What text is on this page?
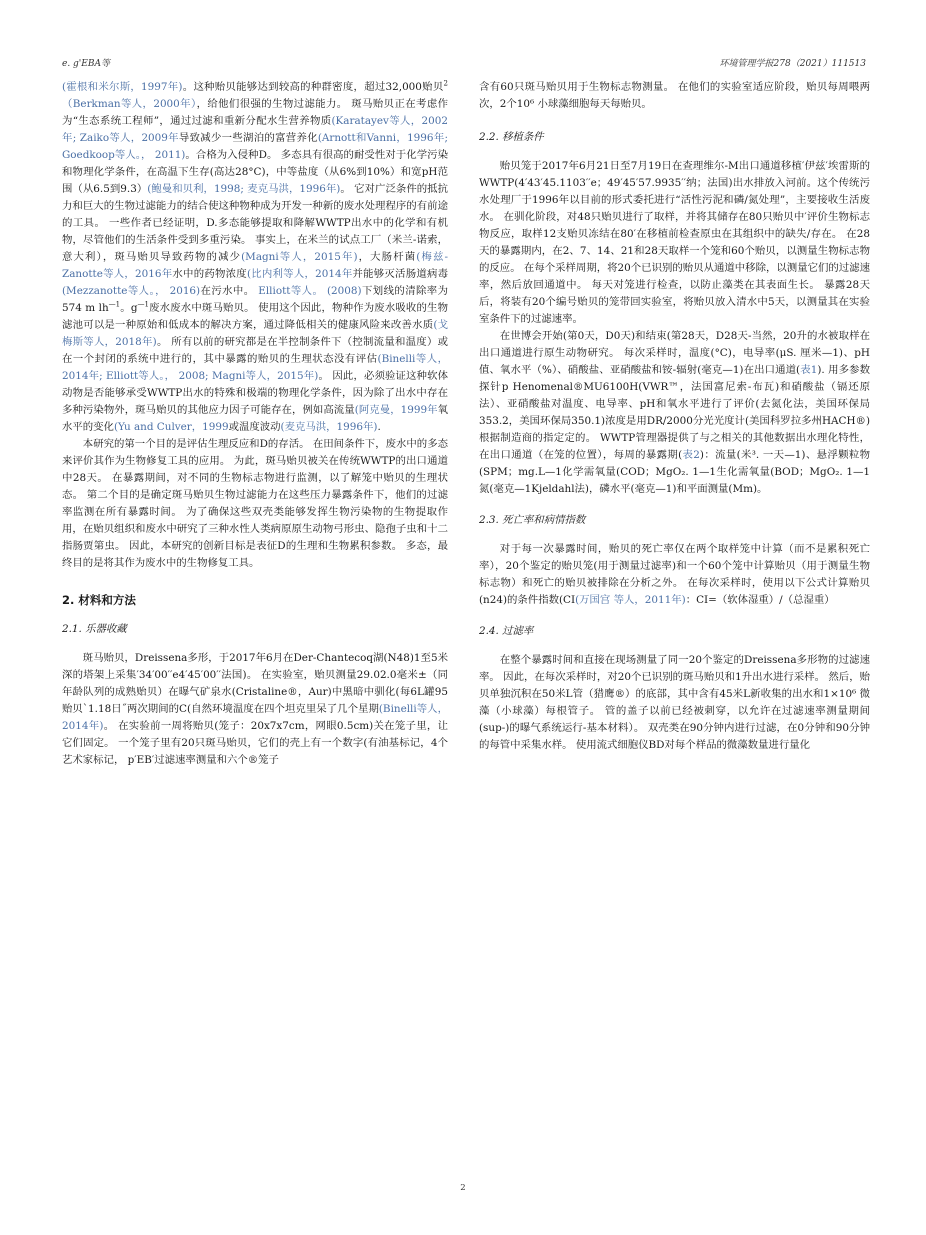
e. g'EBA等	环境管理学报278（2021）111513

(霍根和米尔斯，1997年)。这种贻贝能够达到较高的种群密度，超过32,000贻贝$^2$（Berkman等人，2000年），给他们很强的生物过滤能力。 斑马贻贝正在考虑作为“生态系统工程师”，通过过滤和重新分配水生营养物质(Karatayev等人，2002年; Zaiko等人，2009年导致减少一些湖泊的富营养化(Arnott和Vanni，1996年; Goedkoop等人。， 2011)。合格为入侵种D。 多态具有很高的耐受性对于化学污染和物理化学条件，在高温下生存(高达28°C)，中等盐度（从6%到10%）和宽pH范围（从6.5到9.3）(鲍曼和贝利，1998; 麦克马洪，1996年)。 它对广泛条件的抵抗力和巨大的生物过滤能力的结合使这种物种成为开发一种新的废水处理程序的有前途的工具。 一些作者已经证明，D.多态能够提取和降解WWTP出水中的化学和有机物，尽管他们的生活条件受到多重污染。 事实上，在米兰的试点工厂（米兰-诺索，意大利），斑马贻贝导致药物的减少(Magni等人，2015年)，大肠杆菌(梅兹-Zanotte等人，2016年水中的药物浓度(比内利等人，2014年并能够灭活肠道病毒(Mezzanotte等人。， 2016)在污水中。 Elliott等人。 (2008)下划线的清除率为574 m $lh^{—1}$。$g^{—1}$废水废水中斑马贻贝。 使用这个因此，物种作为废水吸收的生物滤池可以是一种原始和低成本的解决方案，通过降低相关的健康风险来改善水质(戈梅斯等人，2018年)。 所有以前的研究都是在半控制条件下（控制流量和温度）或在一个封闭的系统中进行的，其中暴露的贻贝的生理状态没有评估(Binelli等人，2014年; Elliott等人。， 2008; Magni等人，2015年)。 因此，必须验证这种软体动物是否能够承受WWTP出水的特殊和极端的物理化学条件，因为除了出水中存在多种污染物外，斑马贻贝的其他应力因子可能存在，例如高流量(阿克曼，1999年氧水平的变化(Yu and Culver，1999或温度波动(麦克马洪，1996年).

本研究的第一个目的是评估生理反应和D的存活。 在田间条件下，废水中的多态来评价其作为生物修复工具的应用。 为此，斑马贻贝被关在传统WWTP的出口通道中28天。 在暴露期间，对不同的生物标志物进行监测，以了解笼中贻贝的生理状态。 第二个目的是确定斑马贻贝生物过滤能力在这些压力暴露条件下，他们的过滤率监测在所有暴露时间。 为了确保这些双壳类能够发挥生物污染物的生物提取作用，在贻贝组织和废水中研究了三种水性人类病原原生动物弓形虫、隐孢子虫和十二指肠贾第虫。 因此，本研究的创新目标是表征D的生理和生物累积参数。 多态，最终目的是将其作为废水中的生物修复工具。

2. 材料和方法
2.1. 乐器收藏

斑马贻贝，Dreissena多形，于2017年6月在Der-Chantecoq湖(N48)1至5米深的塔架上采集′34′00′′e4′45′00′′法国)。 在实验室，贻贝测量29.02.0毫米±（同年龄队列的成熟贻贝）在曝气矿泉水(Cristaline®，Aur)中黑暗中驯化(每6L罐95贻贝`1.18日˝两次期间的C(自然环境温度在四个坦克里呆了几个星期(Binelli等人，2014年)。 在实验前一周将贻贝(笼子：20x7x7cm，网眼0.5cm)关在笼子里，让它们固定。 一个笼子里有20只斑马贻贝，它们的壳上有一个数字(有油基标记，4个艺术家标记， p′EB′过滤速率测量和六个®笼子

含有60只斑马贻贝用于生物标志物测量。 在他们的实验室适应阶段，贻贝每周喂两次，2个10⁶ 小球藻细胞每天每贻贝。

2.2. 移植条件

贻贝笼于2017年6月21日至7月19日在查理维尔-M出口通道移植′伊兹′埃雷斯的WWTP(4′43′45.1103′′e；49′45′57.9935′′纳；法国)出水排放入河前。这个传统污水处理厂于1996年以目前的形式委托进行“活性污泥和磷/氮处理”，主要接收生活废水。 在驯化阶段，对48只贻贝进行了取样，并将其储存在80只贻贝中′评价生物标志物反应，取样12支贻贝冻结在80′在移植前检查原虫在其组织中的缺失/存在。 在28天的暴露期内，在2、7、14、21和28天取样一个笼和60个贻贝，以测量生物标志物的反应。 在每个采样周期，将20个已识别的贻贝从通道中移除，以测量它们的过滤速率，然后放回通道中。 每天对笼进行检查，以防止藻类在其表面生长。 暴露28天后，将装有20个编号贻贝的笼带回实验室，将贻贝放入清水中5天，以测量其在实验室条件下的过滤速率。

在世博会开始(第0天，D0天)和结束(第28天，D28天-当然，20升的水被取样在出口通道进行原生动物研究。 每次采样时，温度(°C)，电导率(μS. 厘米—1)、pH值、氧水平（%）、硝酸盐、亚硝酸盐和铵-辐射(毫克—1)在出口通道(表1). 用多参数探针p Henomenal®MU6100H(VWR™，法国富尼索-布瓦)和硝酸盐（镉还原法）、亚硝酸盐对温度、电导率、pH和氧水平进行了评价(去氮化法，美国环保局353.2，美国环保局350.1)浓度是用DR/2000分光光度计(美国科罗拉多州HACH®)根据制造商的指定定的。 WWTP管理器提供了与之相关的其他数据出水理化特性，在出口通道（在笼的位置），每周的暴露期(表2)：流量(米³. 一天—1)、悬浮颗粒物(SPM；mg.L—1化学需氧量(COD；MgO₂. 1—1生化需氧量(BOD；MgO₂. 1—1氮(毫克—1Kjeldahl法)，磷水平(毫克—1)和平面测量(Mm)。

2.3. 死亡率和病情指数

对于每一次暴露时间，贻贝的死亡率仅在两个取样笼中计算（而不是累积死亡率），20个鉴定的贻贝笼(用于测量过滤率)和一个60个笼中计算贻贝（用于测量生物标志物）和死亡的贻贝被排除在分析之外。 在每次采样时，使用以下公式计算贻贝(n24)的条件指数(CI(万国宫 等人，2011年)：CI=（软体湿重）/（总湿重）

2.4. 过滤率

在整个暴露时间和直接在现场测量了同一20个鉴定的Dreissena多形物的过滤速率。 因此，在每次采样时，对20个已识别的斑马贻贝和1升出水进行采样。 然后，贻贝单独沉积在50米L管（猎鹰®）的底部，其中含有45米L新收集的出水和1×10⁶ 微藻（小球藻）每根管子。 管的盖子以前已经被刺穿，以允许在过滤速率测量期间(sup-)的曝气系统运行-基本材料）。 双壳类在90分钟内进行过滤，在0分钟和90分钟的每管中采集水样。 使用流式细胞仪BD对每个样品的微藻数量进行量化

2
